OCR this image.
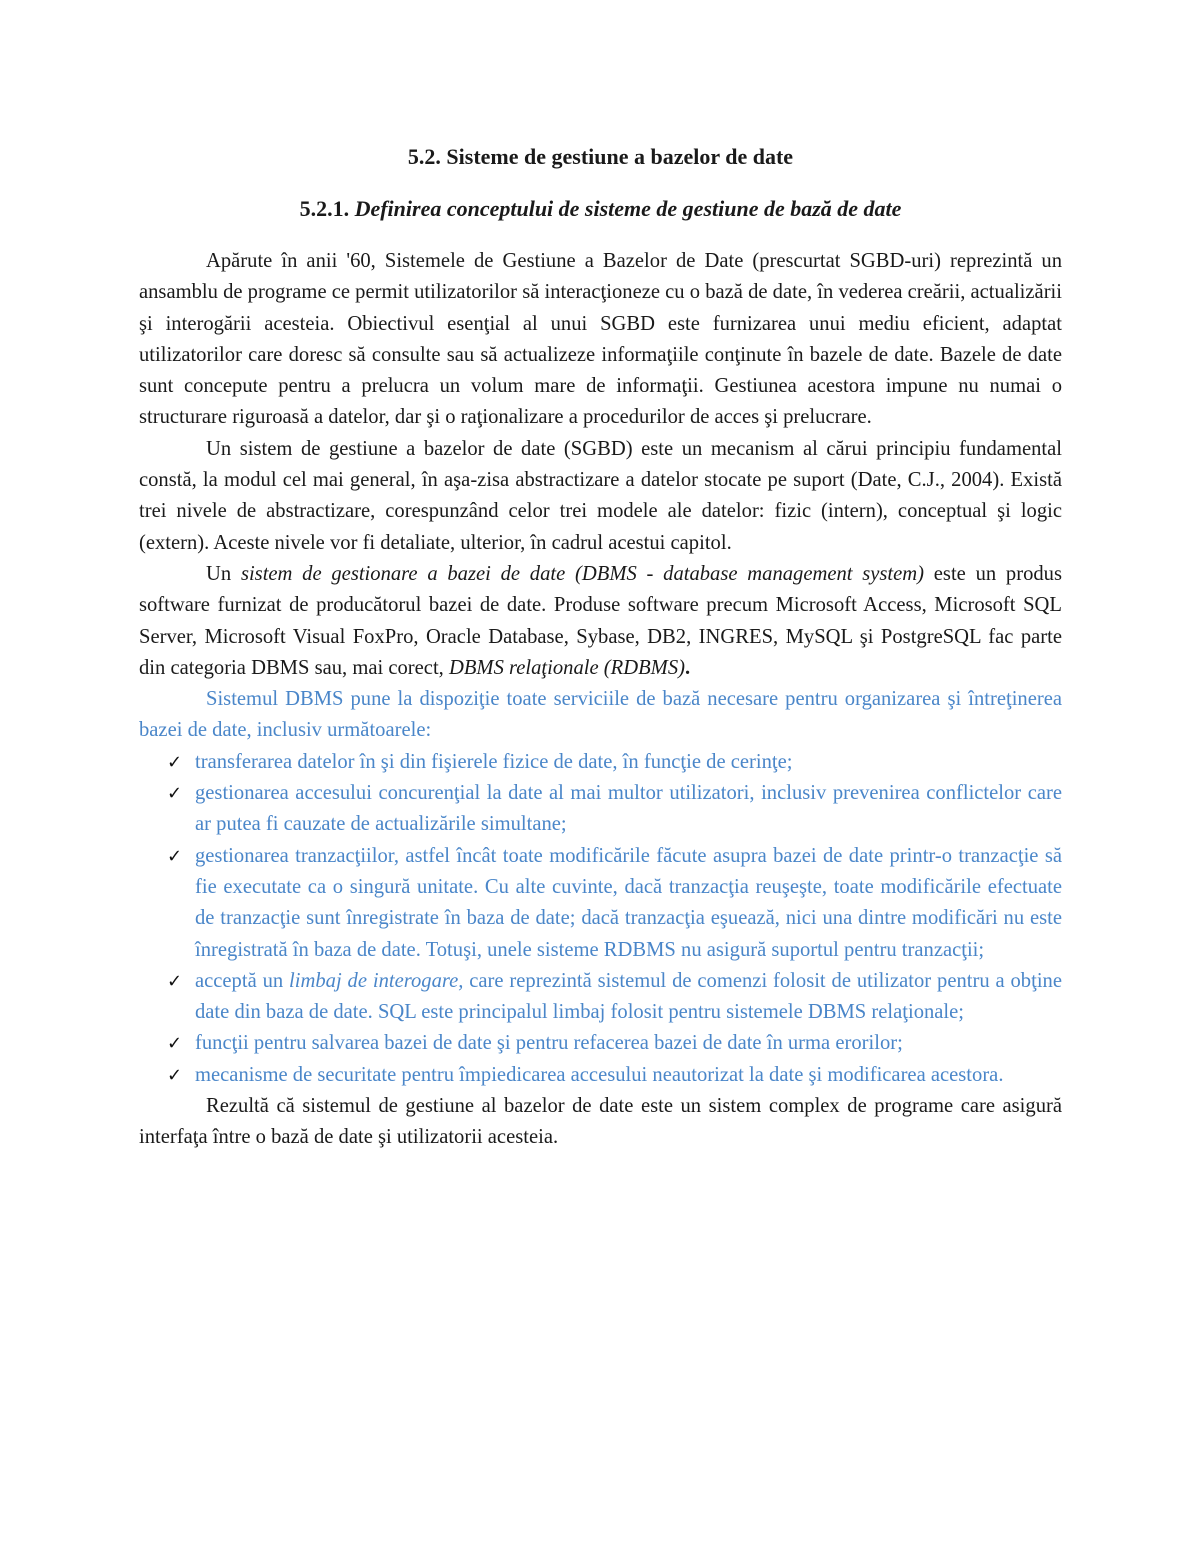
5.2. Sisteme de gestiune a bazelor de date
5.2.1. Definirea conceptului de sisteme de gestiune de bază de date

Apărute în anii '60, Sistemele de Gestiune a Bazelor de Date (prescurtat SGBD-uri) reprezintă un ansamblu de programe ce permit utilizatorilor să interacţioneze cu o bază de date, în vederea creării, actualizării şi interogării acesteia. Obiectivul esenţial al unui SGBD este furnizarea unui mediu eficient, adaptat utilizatorilor care doresc să consulte sau să actualizeze informaţiile conţinute în bazele de date. Bazele de date sunt concepute pentru a prelucra un volum mare de informaţii. Gestiunea acestora impune nu numai o structurare riguroasă a datelor, dar şi o raţionalizare a procedurilor de acces şi prelucrare.

Un sistem de gestiune a bazelor de date (SGBD) este un mecanism al cărui principiu fundamental constă, la modul cel mai general, în aşa-zisa abstractizare a datelor stocate pe suport (Date, C.J., 2004). Există trei nivele de abstractizare, corespunzând celor trei modele ale datelor: fizic (intern), conceptual şi logic (extern). Aceste nivele vor fi detaliate, ulterior, în cadrul acestui capitol.

Un sistem de gestionare a bazei de date (DBMS - database management system) este un produs software furnizat de producătorul bazei de date. Produse software precum Microsoft Access, Microsoft SQL Server, Microsoft Visual FoxPro, Oracle Database, Sybase, DB2, INGRES, MySQL şi PostgreSQL fac parte din categoria DBMS sau, mai corect, DBMS relaţionale (RDBMS).

Sistemul DBMS pune la dispoziţie toate serviciile de bază necesare pentru organizarea şi întreţinerea bazei de date, inclusiv următoarele:

✓ transferarea datelor în şi din fişierele fizice de date, în funcţie de cerinţe;
✓ gestionarea accesului concurenţial la date al mai multor utilizatori, inclusiv prevenirea conflictelor care ar putea fi cauzate de actualizările simultane;
✓ gestionarea tranzacţiilor, astfel încât toate modificările făcute asupra bazei de date printr-o tranzacţie să fie executate ca o singură unitate. Cu alte cuvinte, dacă tranzacţia reuşeşte, toate modificările efectuate de tranzacţie sunt înregistrate în baza de date; dacă tranzacţia eşuează, nici una dintre modificări nu este înregistrată în baza de date. Totuşi, unele sisteme RDBMS nu asigură suportul pentru tranzacţii;
✓ acceptă un limbaj de interogare, care reprezintă sistemul de comenzi folosit de utilizator pentru a obţine date din baza de date. SQL este principalul limbaj folosit pentru sistemele DBMS relaţionale;
✓ funcţii pentru salvarea bazei de date şi pentru refacerea bazei de date în urma erorilor;
✓ mecanisme de securitate pentru împiedicarea accesului neautorizat la date şi modificarea acestora.

Rezultă că sistemul de gestiune al bazelor de date este un sistem complex de programe care asigură interfaţa între o bază de date şi utilizatorii acesteia.
